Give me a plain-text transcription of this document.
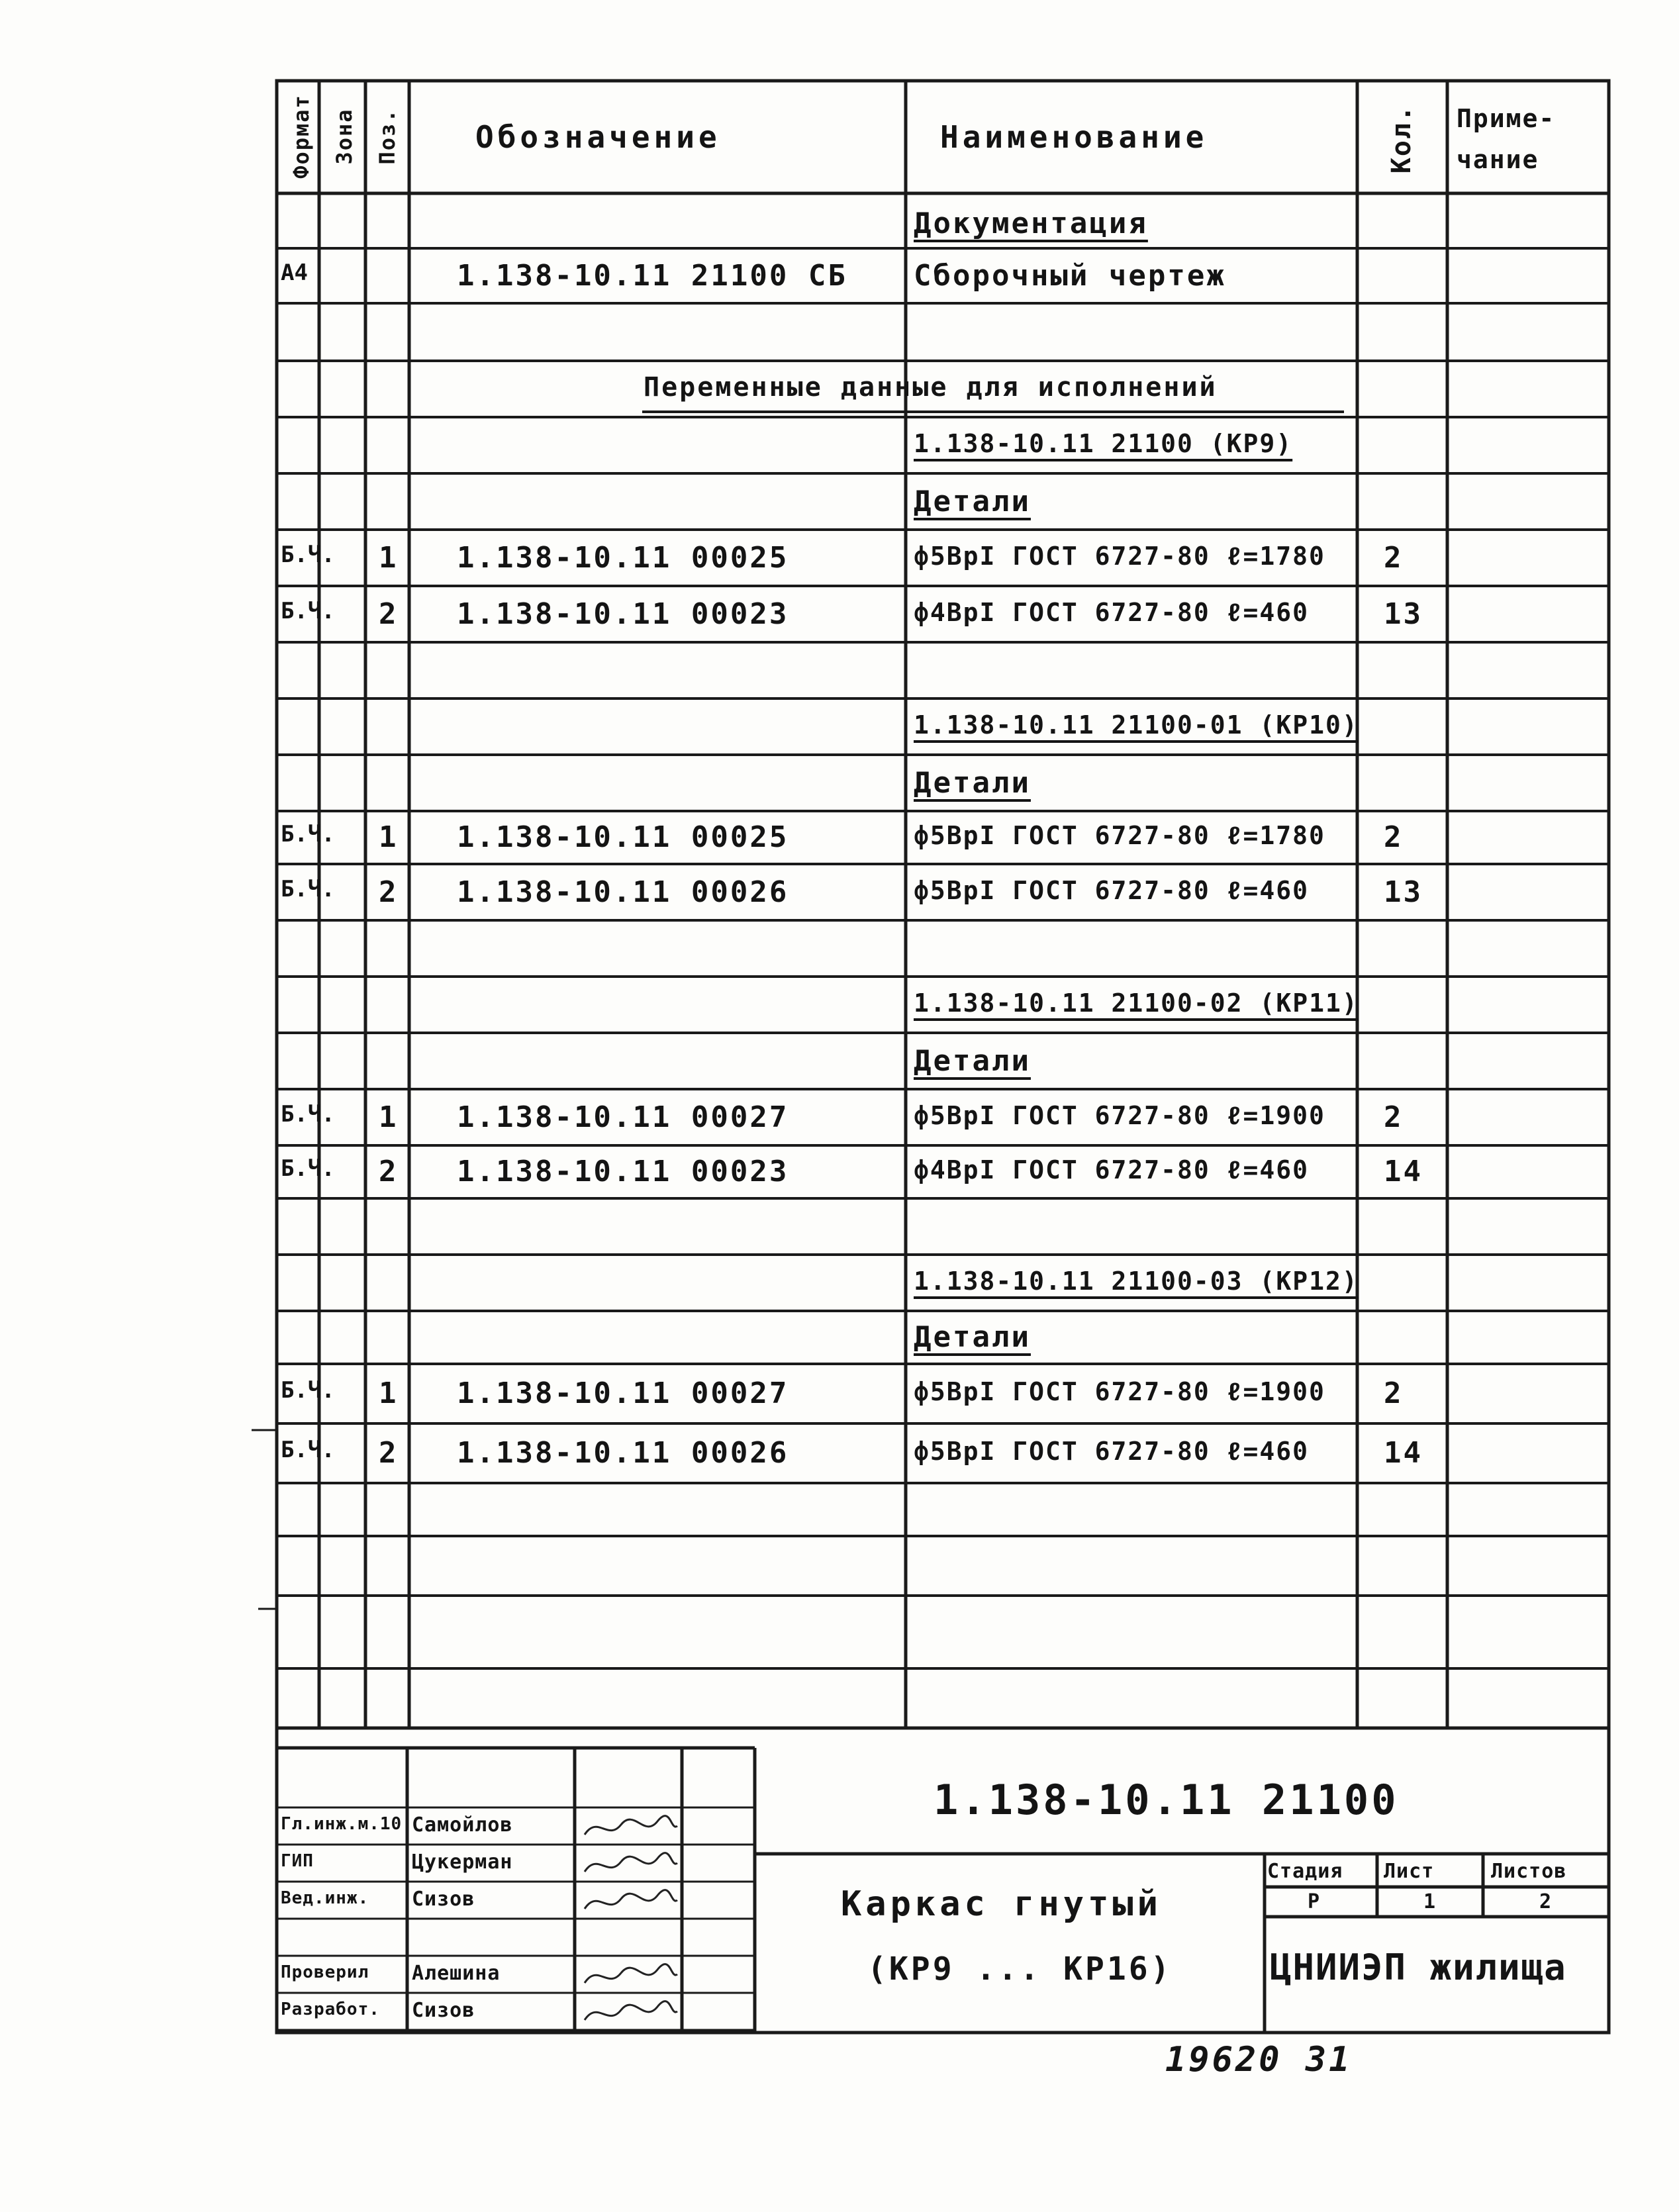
Формат Зона Поз. Обозначение	Наименование	Кол. Приме-
чание
Документация
А4	1.138-10.11 21100 СБ Сборочный чертеж
1.138-10.11 21100 (КР9)
Детали
Б.Ч. 1 1.138-10.11 00025	ф5ВрI ГОСТ 6727-80 ℓ=1780 2
Б.Ч. 2 1.138-10.11 00023	ф4ВрI ГОСТ 6727-80 ℓ=460	13
1.138-10.11 21100-01 (КР10)
Детали
Б.Ч. 1 1.138-10.11 00025	ф5ВрI ГОСТ 6727-80 ℓ=1780 2
Б.Ч. 2 1.138-10.11 00026	ф5ВрI ГОСТ 6727-80 ℓ=460	13
1.138-10.11 21100-02 (КР11)
Детали
Б.Ч. 1 1.138-10.11 00027	ф5ВрI ГОСТ 6727-80 ℓ=1900 2
Б.Ч. 2 1.138-10.11 00023	ф4ВрI ГОСТ 6727-80 ℓ=460	14
1.138-10.11 21100-03 (КР12)
Детали
Б.Ч. 1 1.138-10.11 00027	ф5ВрI ГОСТ 6727-80 ℓ=1900 2
Б.Ч. 2 1.138-10.11 00026	ф5ВрI ГОСТ 6727-80 ℓ=460	14
Переменные данные для исполнений
1.138-10.11 21100
Каркас гнутый
(КР9 ... КР16)
Стадия Лист	Листов
Р	1	2
ЦНИИЭП жилища
Гл.инж.м.10 Самойлов
ГИП	Цукерман
Вед.инж. Сизов
Проверил Алешина
Разработ. Сизов
19620 31
